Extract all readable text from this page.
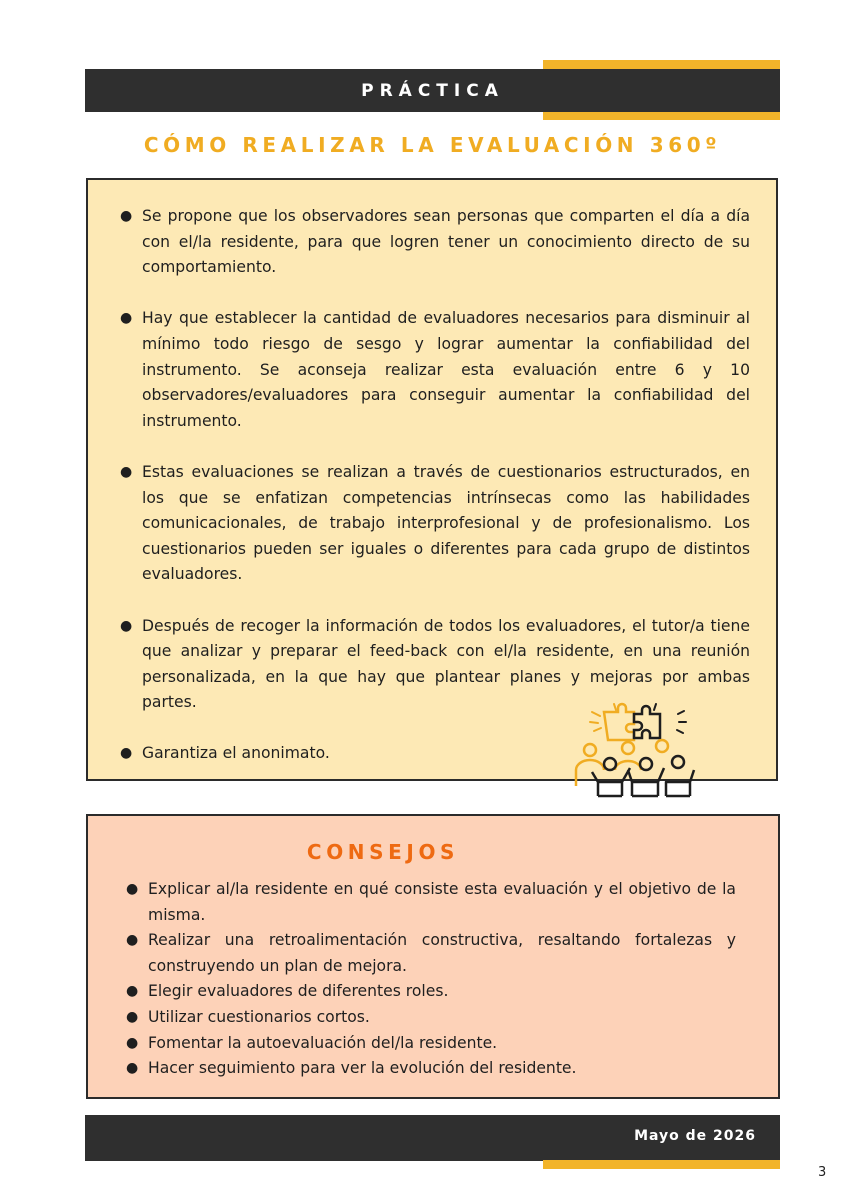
PRÁCTICA
CÓMO REALIZAR LA EVALUACIÓN 360º
● Se propone que los observadores sean personas que comparten el día a día con el/la residente, para que logren tener un conocimiento directo de su comportamiento.
● Hay que establecer la cantidad de evaluadores necesarios para disminuir al mínimo todo riesgo de sesgo y lograr aumentar la confiabilidad del instrumento. Se aconseja realizar esta evaluación entre 6 y 10 observadores/evaluadores para conseguir aumentar la confiabilidad del instrumento.
● Estas evaluaciones se realizan a través de cuestionarios estructurados, en los que se enfatizan competencias intrínsecas como las habilidades comunicacionales, de trabajo interprofesional y de profesionalismo. Los cuestionarios pueden ser iguales o diferentes para cada grupo de distintos evaluadores.
● Después de recoger la información de todos los evaluadores, el tutor/a tiene que analizar y preparar el feed-back con el/la residente, en una reunión personalizada, en la que hay que plantear planes y mejoras por ambas partes.
● Garantiza el anonimato.
CONSEJOS
● Explicar al/la residente en qué consiste esta evaluación y el objetivo de la misma.
● Realizar una retroalimentación constructiva, resaltando fortalezas y construyendo un plan de mejora.
● Elegir evaluadores de diferentes roles.
● Utilizar cuestionarios cortos.
● Fomentar la autoevaluación del/la residente.
● Hacer seguimiento para ver la evolución del residente.
Mayo de 2026
3
